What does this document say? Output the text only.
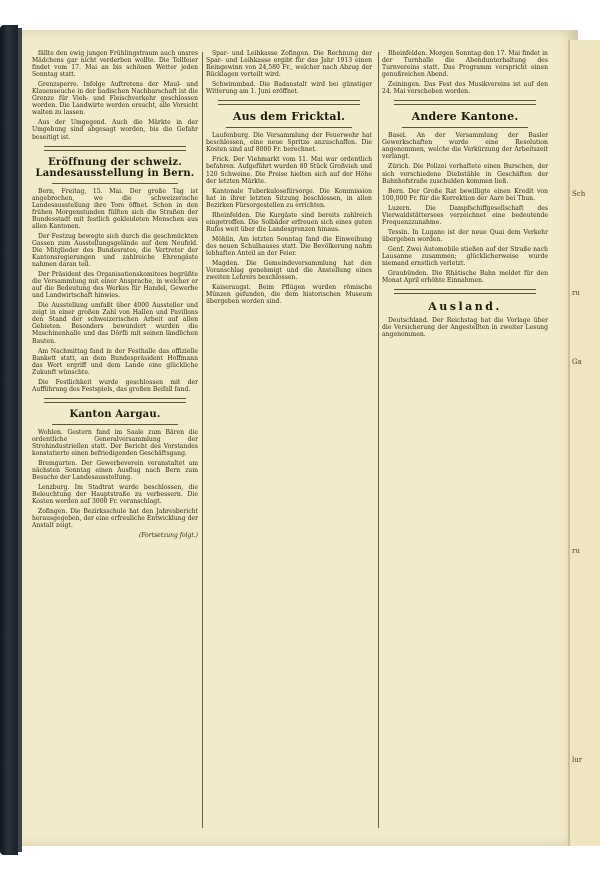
fällte den ewig jungen Frühlingstraum auch unsres Mädchens gar nicht verderben wollte. Die Tellfeier findet vom 17. Mai an bis schönen Wetter jeden Sonntag statt.

Grenzsperre. Infolge Auftretens der Maul- und Klauenseuche in der badischen Nachbarschaft ist die Grenze für Vieh- und Fleischverkehr geschlossen worden. Die Landwirte werden ersucht, alle Vorsicht walten zu lassen.

Aus der Umgegend. Auch die Märkte in der Umgebung sind abgesagt worden, bis die Gefahr beseitigt ist.

Eröffnung der schweiz. Landesausstellung in Bern.

Bern, Freitag, 15. Mai. Der große Tag ist angebrochen, wo die schweizerische Landesausstellung ihre Tore öffnet. Schon in den frühen Morgenstunden füllten sich die Straßen der Bundesstadt mit festlich gekleideten Menschen aus allen Kantonen.

Der Festzug bewegte sich durch die geschmückten Gassen zum Ausstellungsgelände auf dem Neufeld. Die Mitglieder des Bundesrates, die Vertreter der Kantonsregierungen und zahlreiche Ehrengäste nahmen daran teil.

Der Präsident des Organisationskomitees begrüßte die Versammlung mit einer Ansprache, in welcher er auf die Bedeutung des Werkes für Handel, Gewerbe und Landwirtschaft hinwies.

Die Ausstellung umfaßt über 4000 Aussteller und zeigt in einer großen Zahl von Hallen und Pavillons den Stand der schweizerischen Arbeit auf allen Gebieten. Besonders bewundert wurden die Maschinenhalle und das Dörfli mit seinen ländlichen Bauten.

Am Nachmittag fand in der Festhalle das offizielle Bankett statt, an dem Bundespräsident Hoffmann das Wort ergriff und dem Lande eine glückliche Zukunft wünschte.

Die Festlichkeit wurde geschlossen mit der Aufführung des Festspiels, das großen Beifall fand.

Kanton Aargau.

Wohlen. Gestern fand im Saale zum Bären die ordentliche Generalversammlung der Strohindustriellen statt. Der Bericht des Vorstandes konstatierte einen befriedigenden Geschäftsgang.

Bremgarten. Der Gewerbeverein veranstaltet am nächsten Sonntag einen Ausflug nach Bern zum Besuche der Landesausstellung.

Lenzburg. Im Stadtrat wurde beschlossen, die Beleuchtung der Hauptstraße zu verbessern. Die Kosten werden auf 3000 Fr. veranschlagt.

Zofingen. Die Bezirksschule hat den Jahresbericht herausgegeben, der eine erfreuliche Entwicklung der Anstalt zeigt.

(Fortsetzung folgt.)

Spar- und Leihkasse Zofingen. Die Rechnung der Spar- und Leihkasse ergibt für das Jahr 1913 einen Reingewinn von 24,580 Fr., welcher nach Abzug der Rücklagen verteilt wird.

Schwimmbad. Die Badanstalt wird bei günstiger Witterung am 1. Juni eröffnet.

Aus dem Fricktal.

Laufenburg. Die Versammlung der Feuerwehr hat beschlossen, eine neue Spritze anzuschaffen. Die Kosten sind auf 8000 Fr. berechnet.

Frick. Der Viehmarkt vom 11. Mai war ordentlich befahren. Aufgeführt wurden 80 Stück Großvieh und 120 Schweine. Die Preise hielten sich auf der Höhe der letzten Märkte.

Kantonale Tuberkulosefürsorge. Die Kommission hat in ihrer letzten Sitzung beschlossen, in allen Bezirken Fürsorgestellen zu errichten.

Rheinfelden. Die Kurgäste sind bereits zahlreich eingetroffen. Die Solbäder erfreuen sich eines guten Rufes weit über die Landesgrenzen hinaus.

Möhlin. Am letzten Sonntag fand die Einweihung des neuen Schulhauses statt. Die Bevölkerung nahm lebhaften Anteil an der Feier.

Magden. Die Gemeindeversammlung hat den Voranschlag genehmigt und die Anstellung eines zweiten Lehrers beschlossen.

Kaiseraugst. Beim Pflügen wurden römische Münzen gefunden, die dem historischen Museum übergeben worden sind.

Rheinfelden. Morgen Sonntag den 17. Mai findet in der Turnhalle die Abendunterhaltung des Turnvereins statt. Das Programm verspricht einen genußreichen Abend.

Zeiningen. Das Fest des Musikvereins ist auf den 24. Mai verschoben worden.

Andere Kantone.

Basel. An der Versammlung der Basler Gewerkschaften wurde eine Resolution angenommen, welche die Verkürzung der Arbeitszeit verlangt.

Zürich. Die Polizei verhaftete einen Burschen, der sich verschiedene Diebstähle in Geschäften der Bahnhofstraße zuschulden kommen ließ.

Bern. Der Große Rat bewilligte einen Kredit von 100,000 Fr. für die Korrektion der Aare bei Thun.

Luzern. Die Dampfschiffgesellschaft des Vierwaldstättersees verzeichnet eine bedeutende Frequenzzunahme.

Tessin. In Lugano ist der neue Quai dem Verkehr übergeben worden.

Genf. Zwei Automobile stießen auf der Straße nach Lausanne zusammen; glücklicherweise wurde niemand ernstlich verletzt.

Graubünden. Die Rhätische Bahn meldet für den Monat April erhöhte Einnahmen.

Ausland.

Deutschland. Der Reichstag hat die Vorlage über die Versicherung der Angestellten in zweiter Lesung angenommen.

Sch
ru
Ga
ru
lur
